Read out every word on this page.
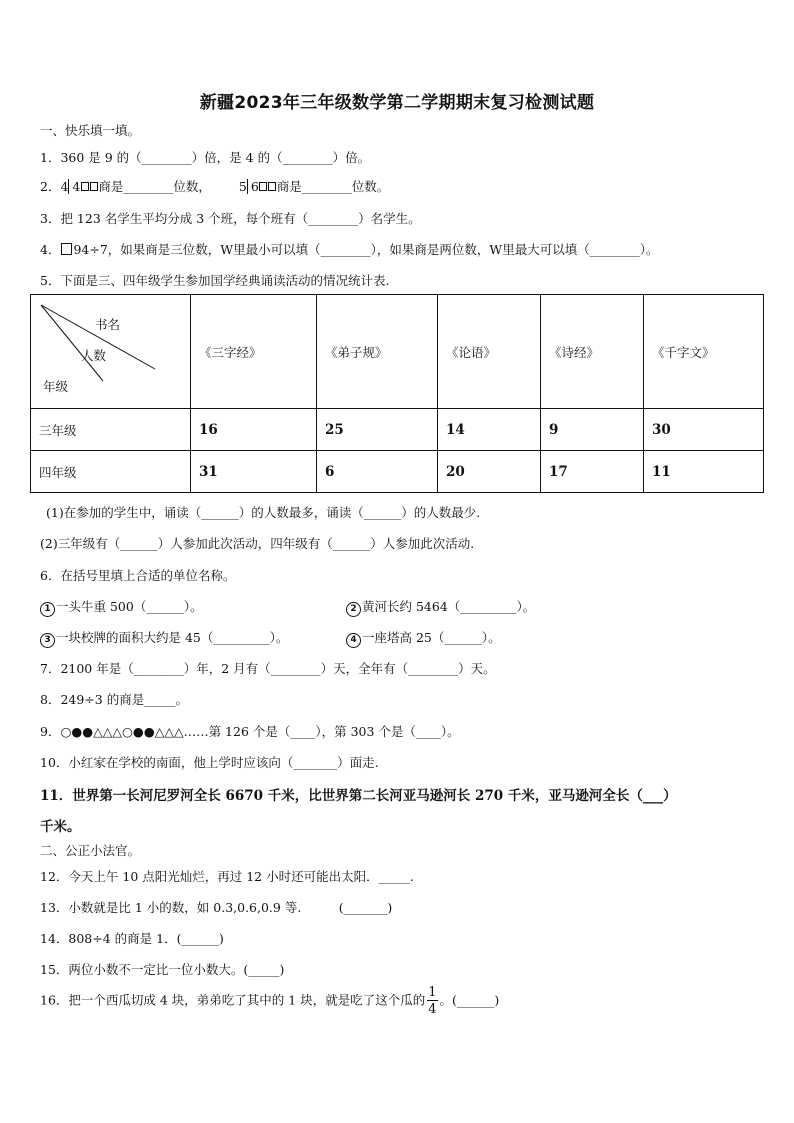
新疆2023年三年级数学第二学期期末复习检测试题
一、快乐填一填。
1．360 是 9 的（________）倍，是 4 的（________）倍。
2．4 4 商是________位数， 5 6 商是________位数。
3．把 123 名学生平均分成 3 个班，每个班有（________）名学生。
4． 94÷7，如果商是三位数，W里最小可以填（________），如果商是两位数，W里最大可以填（________）。
5．下面是三、四年级学生参加国学经典诵读活动的情况统计表.
书名
人数
年级	《三字经》	《弟子规》	《论语》	《诗经》	《千字文》
三年级	16	25	14	9	30
四年级	31	6	20	17	11
(1)在参加的学生中，诵读（______）的人数最多，诵读（______）的人数最少.
(2)三年级有（______）人参加此次活动，四年级有（______）人参加此次活动.
6．在括号里填上合适的单位名称。
1 一头牛重 500（______）。	2 黄河长约 5464（_________）。
3 一块校牌的面积大约是 45（_________）。	4 一座塔高 25（______）。
7．2100 年是（________）年，2 月有（________）天，全年有（________）天。
8．249÷3 的商是_____。
9．○●●△△△○●●△△△……第 126 个是（____），第 303 个是（____）。
10．小红家在学校的南面，他上学时应该向（_______）面走.
11．世界第一长河尼罗河全长 6670 千米，比世界第二长河亚马逊河长 270 千米，亚马逊河全长（___）
千米。
二、公正小法官。
12．今天上午 10 点阳光灿烂，再过 12 小时还可能出太阳．_____.
13．小数就是比 1 小的数，如 0.3,0.6,0.9 等.　　　(_______)
14．808÷4 的商是 1．(______)
15．两位小数不一定比一位小数大。(_____)
16．把一个西瓜切成 4 块，弟弟吃了其中的 1 块，就是吃了这个瓜的 $\frac{1}{4}$ 。(______)
